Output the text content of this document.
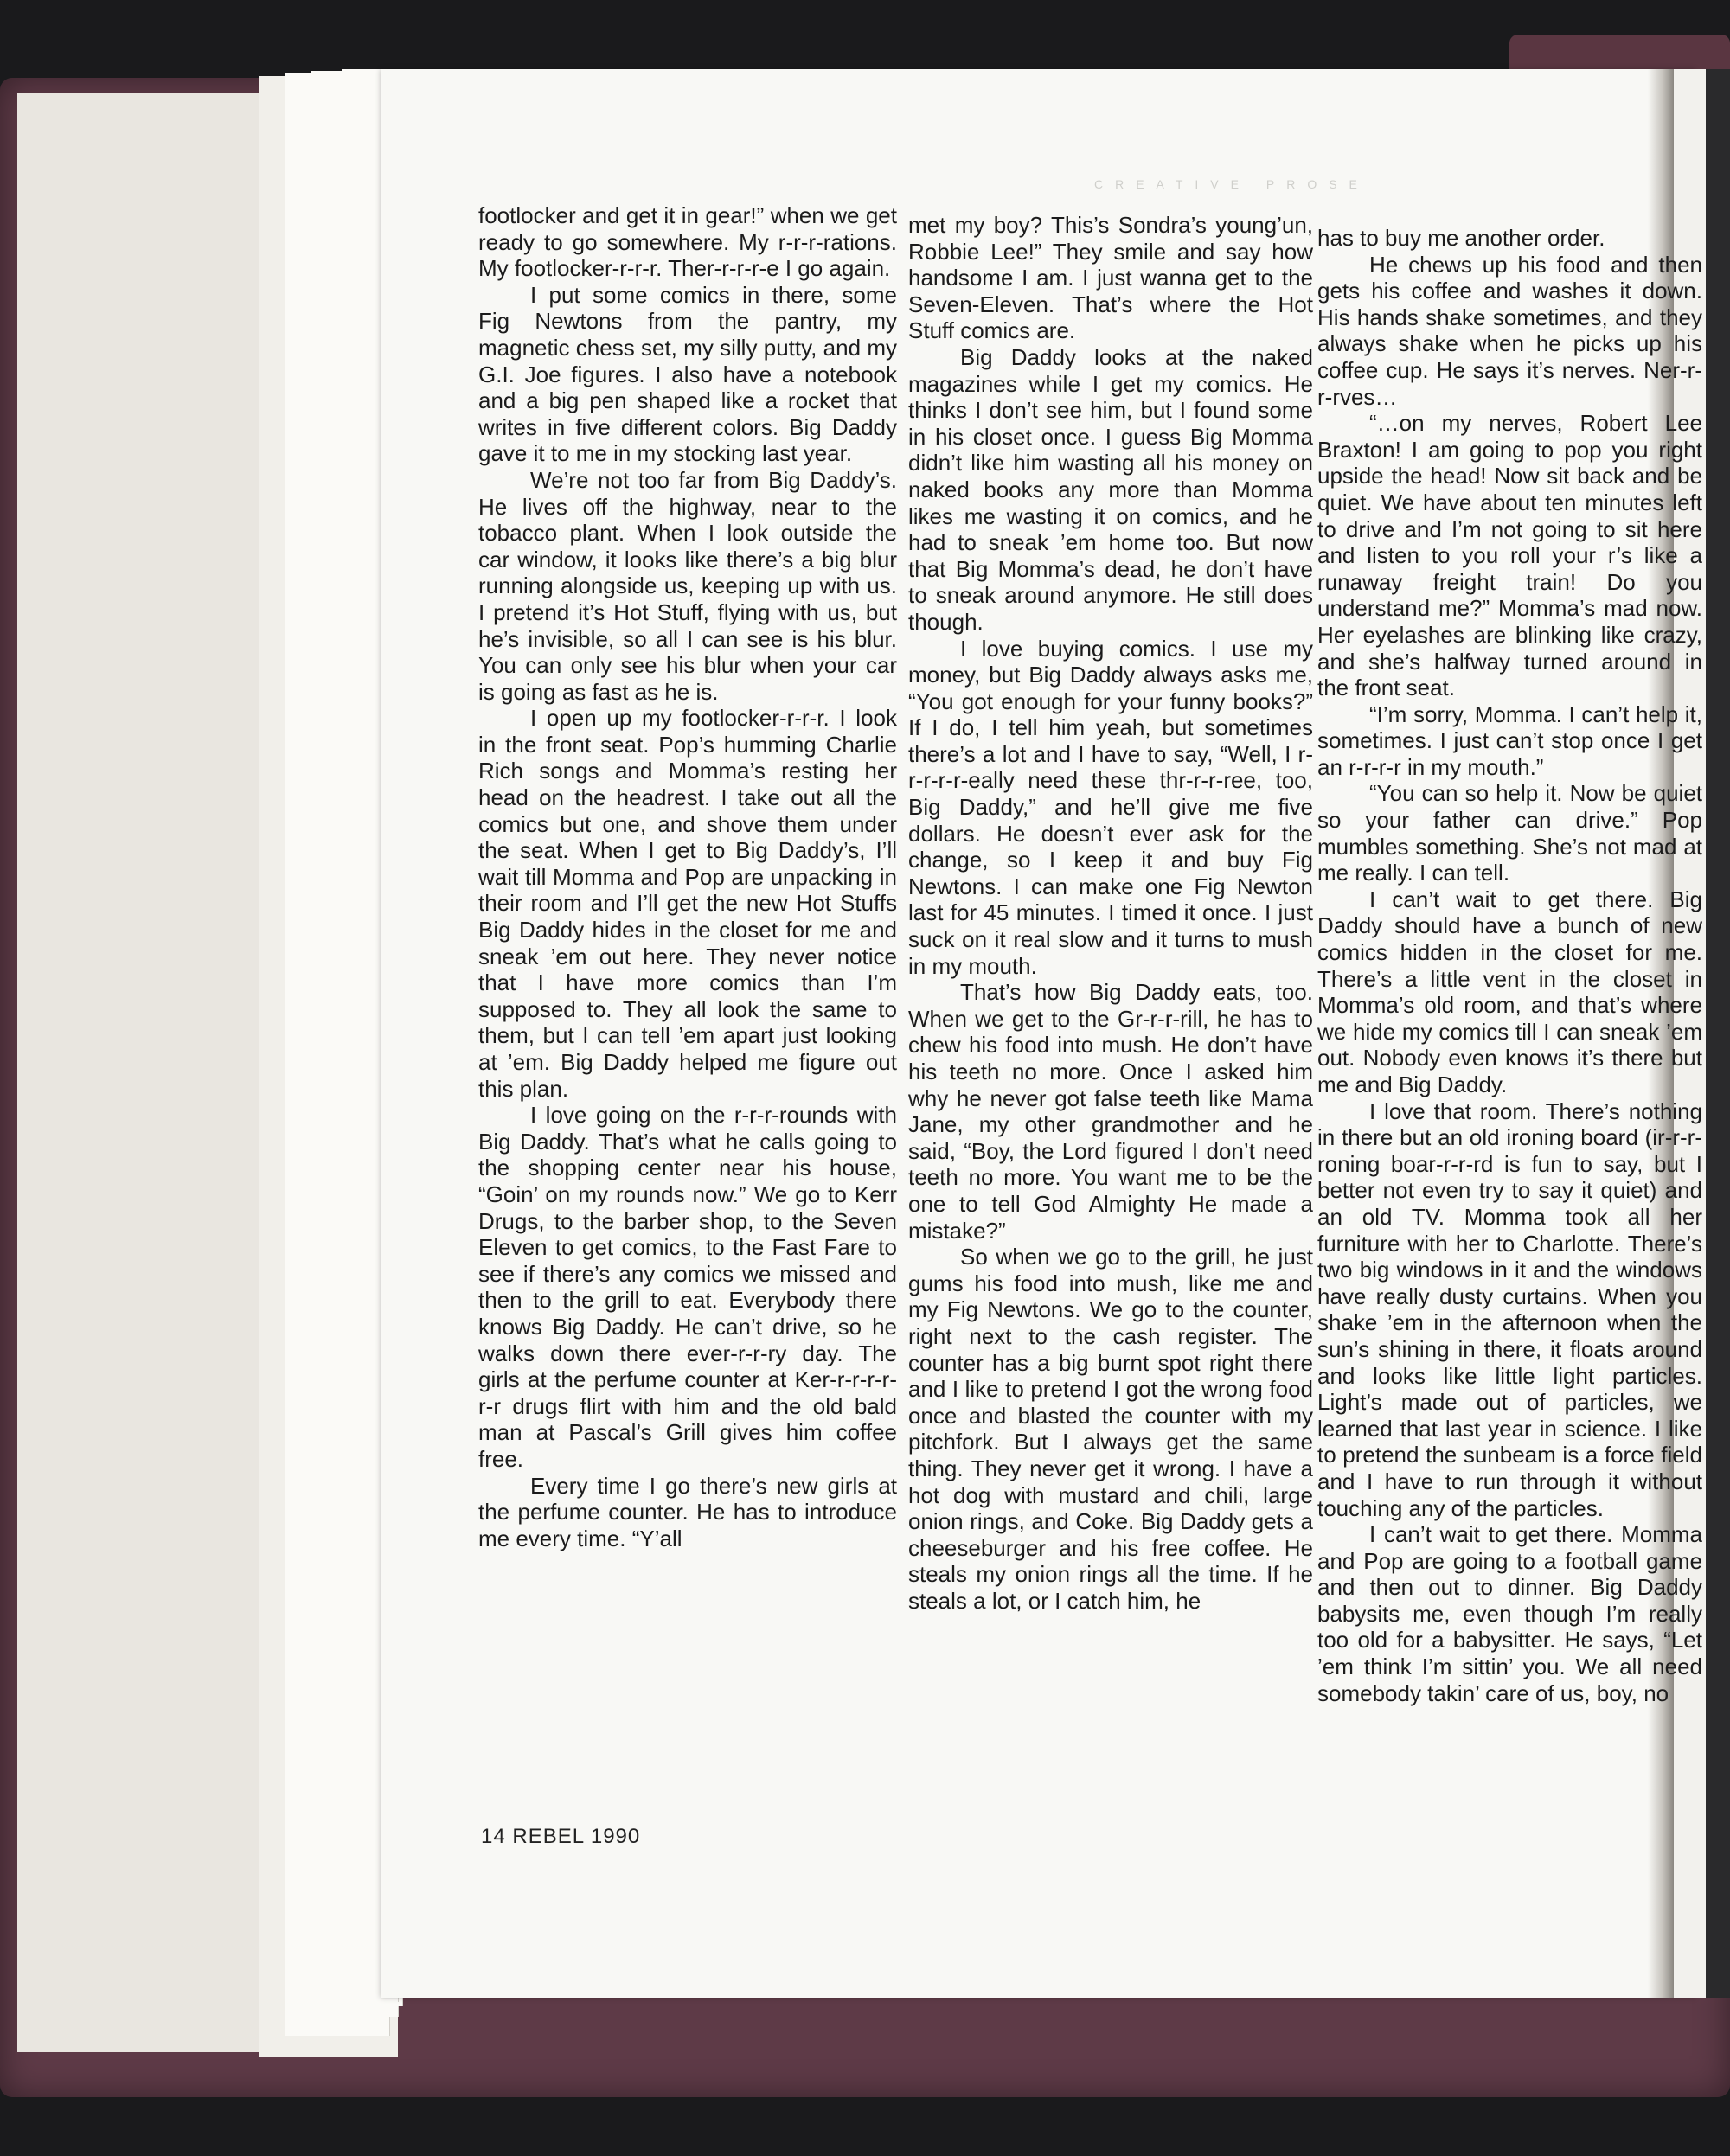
CREATIVE PROSE

footlocker and get it in gear!” when we get ready to go somewhere. My r-r-r-rations. My footlocker-r-r-r. Ther-r-r-r-e I go again.

I put some comics in there, some Fig Newtons from the pantry, my magnetic chess set, my silly putty, and my G.I. Joe figures. I also have a notebook and a big pen shaped like a rocket that writes in five different colors. Big Daddy gave it to me in my stocking last year.

We’re not too far from Big Daddy’s. He lives off the highway, near to the tobacco plant. When I look outside the car window, it looks like there’s a big blur running alongside us, keeping up with us. I pretend it’s Hot Stuff, flying with us, but he’s invisible, so all I can see is his blur. You can only see his blur when your car is going as fast as he is.

I open up my footlocker-r-r-r. I look in the front seat. Pop’s humming Charlie Rich songs and Momma’s resting her head on the headrest. I take out all the comics but one, and shove them under the seat. When I get to Big Daddy’s, I’ll wait till Momma and Pop are unpacking in their room and I’ll get the new Hot Stuffs Big Daddy hides in the closet for me and sneak ’em out here. They never notice that I have more comics than I’m supposed to. They all look the same to them, but I can tell ’em apart just looking at ’em. Big Daddy helped me figure out this plan.

I love going on the r-r-r-rounds with Big Daddy. That’s what he calls going to the shopping center near his house, “Goin’ on my rounds now.” We go to Kerr Drugs, to the barber shop, to the Seven Eleven to get comics, to the Fast Fare to see if there’s any comics we missed and then to the grill to eat. Everybody there knows Big Daddy. He can’t drive, so he walks down there ever-r-r-ry day. The girls at the perfume counter at Ker-r-r-r-r-r-r drugs flirt with him and the old bald man at Pascal’s Grill gives him coffee free.

Every time I go there’s new girls at the perfume counter. He has to introduce me every time. “Y’all

met my boy? This’s Sondra’s young’un, Robbie Lee!” They smile and say how handsome I am. I just wanna get to the Seven-Eleven. That’s where the Hot Stuff comics are.

Big Daddy looks at the naked magazines while I get my comics. He thinks I don’t see him, but I found some in his closet once. I guess Big Momma didn’t like him wasting all his money on naked books any more than Momma likes me wasting it on comics, and he had to sneak ’em home too. But now that Big Momma’s dead, he don’t have to sneak around anymore. He still does though.

I love buying comics. I use my money, but Big Daddy always asks me, “You got enough for your funny books?” If I do, I tell him yeah, but sometimes there’s a lot and I have to say, “Well, I r-r-r-r-r-eally need these thr-r-r-ree, too, Big Daddy,” and he’ll give me five dollars. He doesn’t ever ask for the change, so I keep it and buy Fig Newtons. I can make one Fig Newton last for 45 minutes. I timed it once. I just suck on it real slow and it turns to mush in my mouth.

That’s how Big Daddy eats, too. When we get to the Gr-r-r-rill, he has to chew his food into mush. He don’t have his teeth no more. Once I asked him why he never got false teeth like Mama Jane, my other grandmother and he said, “Boy, the Lord figured I don’t need teeth no more. You want me to be the one to tell God Almighty He made a mistake?”

So when we go to the grill, he just gums his food into mush, like me and my Fig Newtons. We go to the counter, right next to the cash register. The counter has a big burnt spot right there and I like to pretend I got the wrong food once and blasted the counter with my pitchfork. But I always get the same thing. They never get it wrong. I have a hot dog with mustard and chili, large onion rings, and Coke. Big Daddy gets a cheeseburger and his free coffee. He steals my onion rings all the time. If he steals a lot, or I catch him, he

has to buy me another order.

He chews up his food and then gets his coffee and washes it down. His hands shake sometimes, and they always shake when he picks up his coffee cup. He says it’s nerves. Ner-r-r-rves…

“…on my nerves, Robert Lee Braxton! I am going to pop you right upside the head! Now sit back and be quiet. We have about ten minutes left to drive and I’m not going to sit here and listen to you roll your r’s like a runaway freight train! Do you understand me?” Momma’s mad now. Her eyelashes are blinking like crazy, and she’s halfway turned around in the front seat.

“I’m sorry, Momma. I can’t help it, sometimes. I just can’t stop once I get an r-r-r-r in my mouth.”

“You can so help it. Now be quiet so your father can drive.” Pop mumbles something. She’s not mad at me really. I can tell.

I can’t wait to get there. Big Daddy should have a bunch of new comics hidden in the closet for me. There’s a little vent in the closet in Momma’s old room, and that’s where we hide my comics till I can sneak ’em out. Nobody even knows it’s there but me and Big Daddy.

I love that room. There’s nothing in there but an old ironing board (ir-r-r-roning boar-r-r-rd is fun to say, but I better not even try to say it quiet) and an old TV. Momma took all her furniture with her to Charlotte. There’s two big windows in it and the windows have really dusty curtains. When you shake ’em in the afternoon when the sun’s shining in there, it floats around and looks like little light particles. Light’s made out of particles, we learned that last year in science. I like to pretend the sunbeam is a force field and I have to run through it without touching any of the particles.

I can’t wait to get there. Momma and Pop are going to a football game and then out to dinner. Big Daddy babysits me, even though I’m really too old for a babysitter. He says, “Let ’em think I’m sittin’ you. We all need somebody takin’ care of us, boy, no

14 REBEL 1990
